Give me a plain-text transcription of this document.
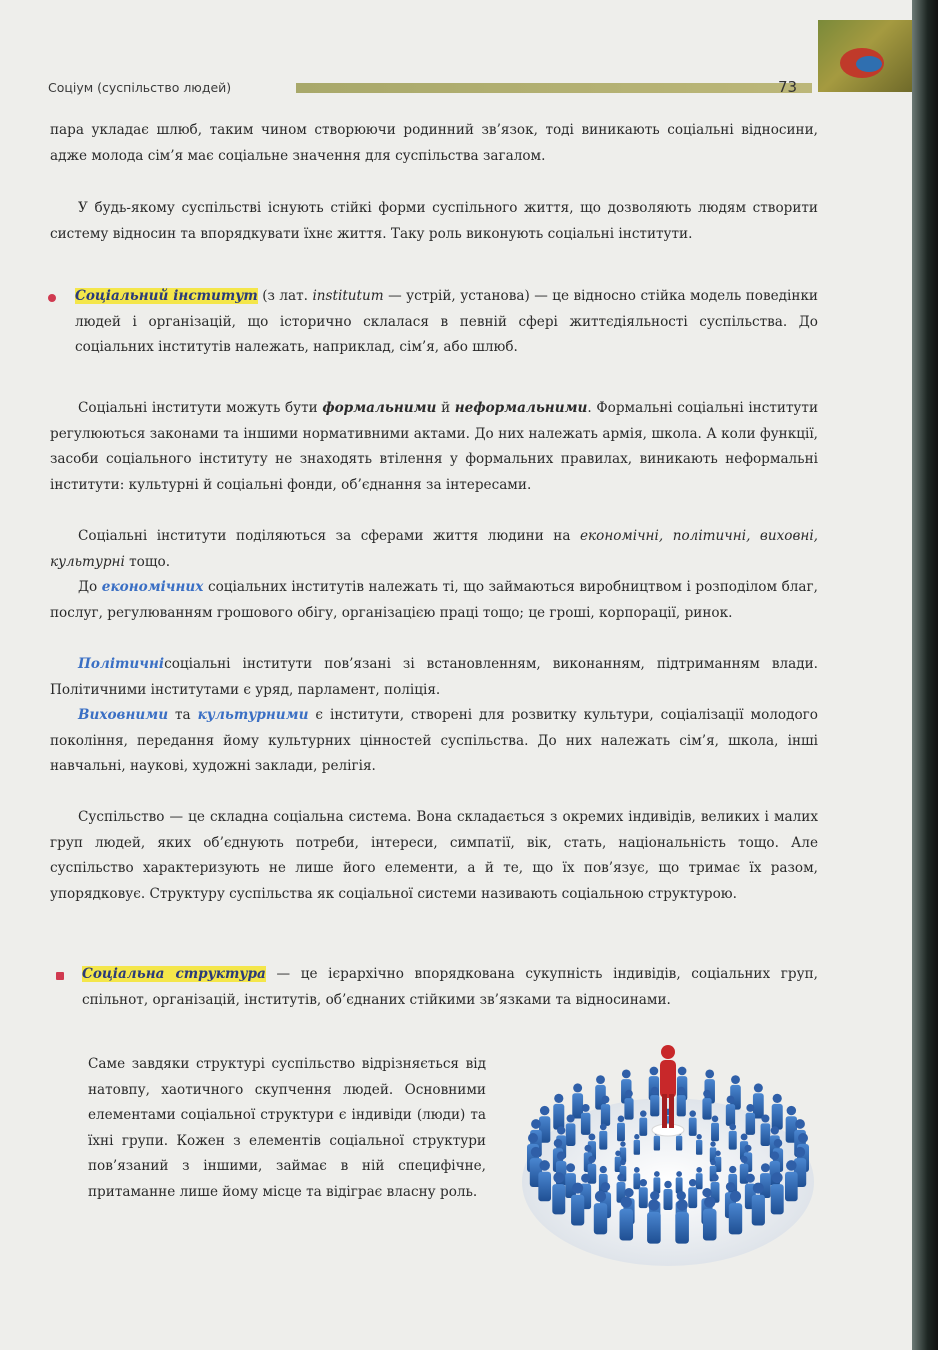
Соціум (суспільство людей)	73

пара укладає шлюб, таким чином створюючи родинний зв’язок, тоді виникають соціальні відносини, адже молода сім’я має соціальне значення для суспільства загалом.

У будь-якому суспільстві існують стійкі форми суспільного життя, що дозволяють людям створити систему відносин та впорядкувати їхнє життя. Таку роль виконують соціальні інститути.

Соціальний інститут (з лат. institutum — устрій, установа) — це відносно стійка модель поведінки людей і організацій, що історично склалася в певній сфері життєдіяльності суспільства. До соціальних інститутів належать, наприклад, сім’я, або шлюб.

Соціальні інститути можуть бути формальними й неформальними. Формальні соціальні інститути регулюються законами та іншими нормативними актами. До них належать армія, школа. А коли функції, засоби соціального інституту не знаходять втілення у формальних правилах, виникають неформальні інститути: культурні й соціальні фонди, об’єднання за інтересами.

Соціальні інститути поділяються за сферами життя людини на економічні, політичні, виховні, культурні тощо.

До економічних соціальних інститутів належать ті, що займаються виробництвом і розподілом благ, послуг, регулюванням грошового обігу, організацією праці тощо; це гроші, корпорації, ринок.

Політичнісоціальні інститути пов’язані зі встановленням, виконанням, підтриманням влади. Політичними інститутами є уряд, парламент, поліція.

Виховними та культурними є інститути, створені для розвитку культури, соціалізації молодого покоління, передання йому культурних цінностей суспільства. До них належать сім’я, школа, інші навчальні, наукові, художні заклади, релігія.

Суспільство — це складна соціальна система. Вона складається з окремих індивідів, великих і малих груп людей, яких об’єднують потреби, інтереси, симпатії, вік, стать, національність тощо. Але суспільство характеризують не лише його елементи, а й те, що їх пов’язує, що тримає їх разом, упорядковує. Структуру суспільства як соціальної системи називають соціальною структурою.

Соціальна структура — це ієрархічно впорядкована сукупність індивідів, соціальних груп, спільнот, організацій, інститутів, об’єднаних стійкими зв’язками та відносинами.

Саме завдяки структурі суспільство відрізняється від натовпу, хаотичного скупчення людей. Основними елементами соціальної структури є індивіди (люди) та їхні групи. Кожен з елементів соціальної структури пов’язаний з іншими, займає в ній специфічне, притаманне лише йому місце та відіграє власну роль.
